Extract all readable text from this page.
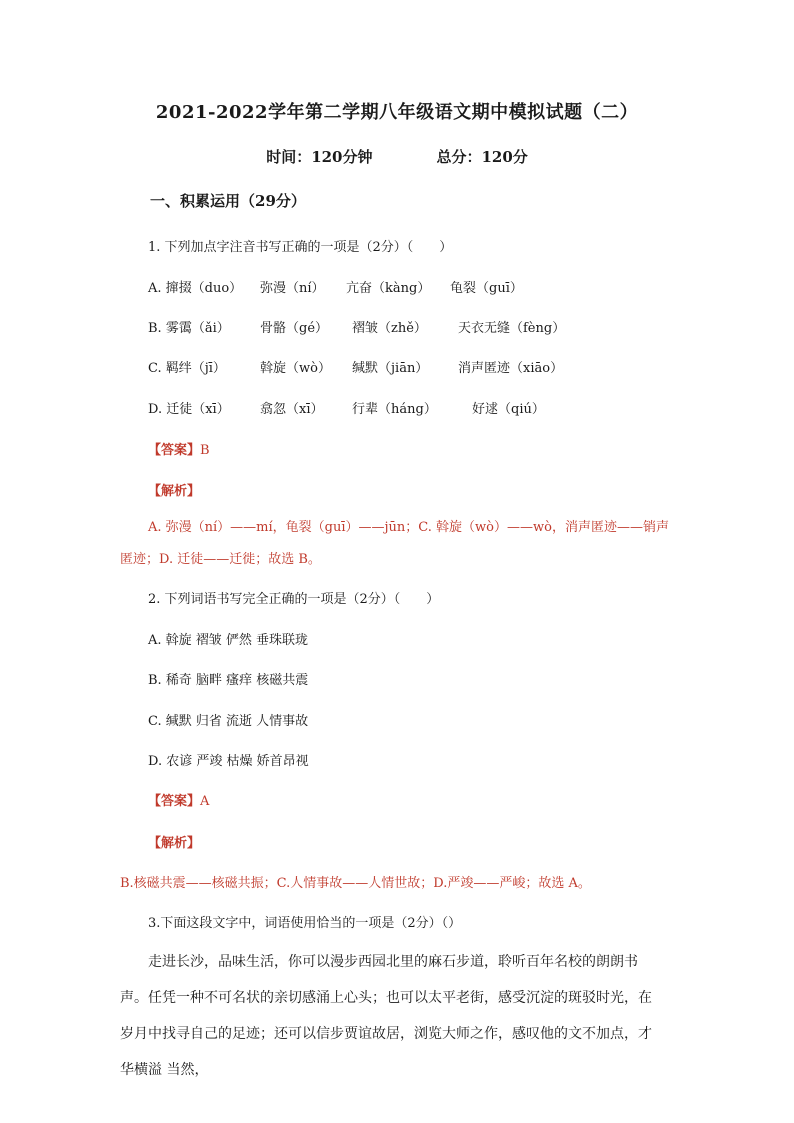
2021-2022学年第二学期八年级语文期中模拟试题（二）
时间：120分钟	总分：120分
一、积累运用（29分）
1. 下列加点字注音书写正确的一项是（2分）（　　）
A. 撺掇（duo） 弥漫（ní） 亢奋（kàng） 龟裂（guī）
B. 雾霭（ǎi） 骨骼（gé） 褶皱（zhě） 天衣无缝（fèng）
C. 羁绊（jī）	斡旋（wò） 缄默（jiān） 消声匿迹（xiāo）
D. 迁徒（xī） 翕忽（xī） 行辈（háng）	好逑（qiú）
【答案】B
【解析】
A. 弥漫（ní）——mí，龟裂（guī）——jūn；C. 斡旋（wò）——wò，消声匿迹——销声匿迹；D. 迁徒——迁徙；故选 B。
2. 下列词语书写完全正确的一项是（2分）（　　）
A. 斡旋 褶皱 俨然 垂珠联珑
B. 稀奇 脑畔 瘙痒 核磁共震
C. 缄默 归省 流逝 人情事故
D. 农谚 严竣 枯燥 娇首昂视
【答案】A
【解析】
B.核磁共震——核磁共振；C.人情事故——人情世故；D.严竣——严峻；故选 A。
3.下面这段文字中，词语使用恰当的一项是（2分）（）
走进长沙，品味生活，你可以漫步西园北里的麻石步道，聆听百年名校的朗朗书声。任凭一种不可名状的亲切感涌上心头；也可以太平老街，感受沉淀的斑驳时光，在岁月中找寻自己的足迹；还可以信步贾谊故居，浏览大师之作，感叹他的文不加点，才华横溢 当然，
